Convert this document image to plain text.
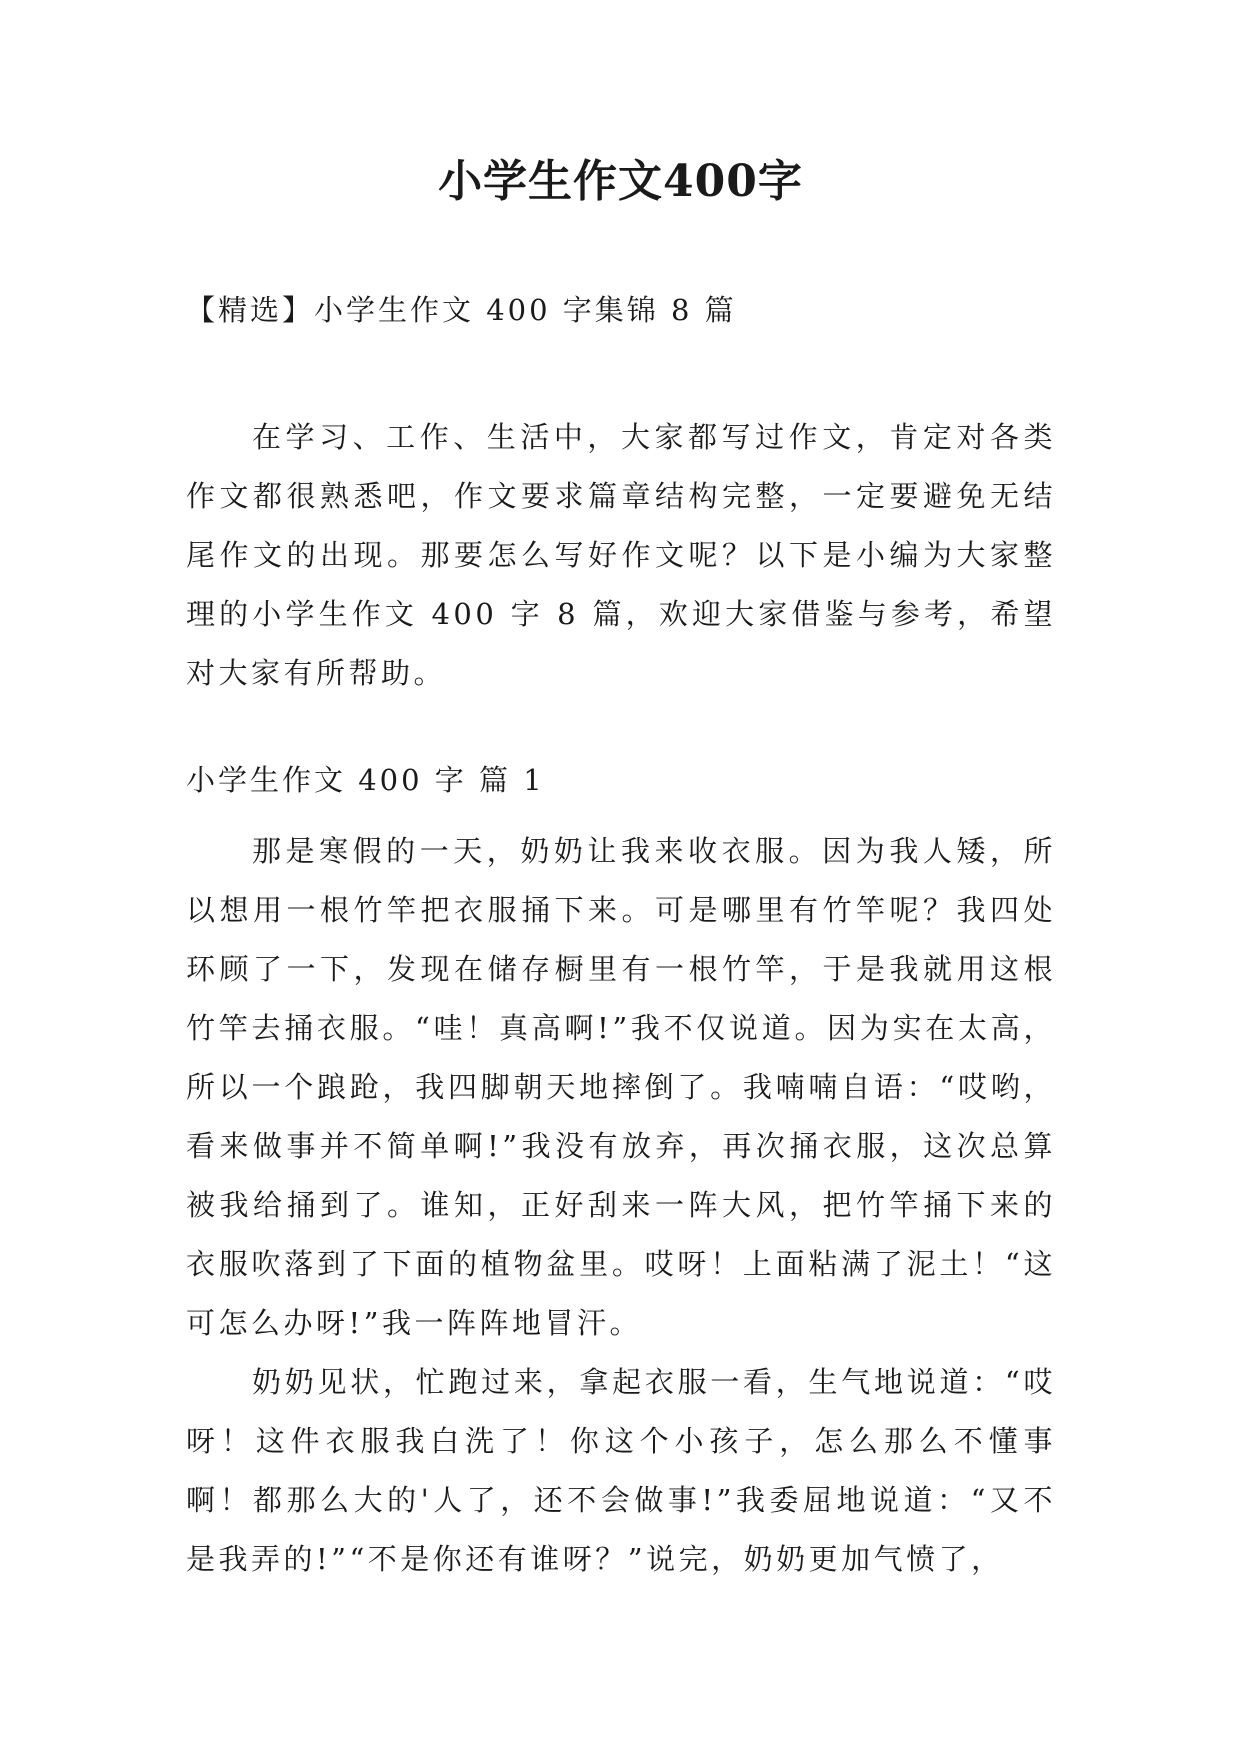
小学生作文400字

【精选】小学生作文 400 字集锦 8 篇

在学习、工作、生活中，大家都写过作文，肯定对各类作文都很熟悉吧，作文要求篇章结构完整，一定要避免无结尾作文的出现。那要怎么写好作文呢？以下是小编为大家整理的小学生作文 400 字 8 篇，欢迎大家借鉴与参考，希望对大家有所帮助。

小学生作文 400 字 篇 1

那是寒假的一天，奶奶让我来收衣服。因为我人矮，所以想用一根竹竿把衣服捅下来。可是哪里有竹竿呢？我四处环顾了一下，发现在储存橱里有一根竹竿，于是我就用这根竹竿去捅衣服。“哇！真高啊!”我不仅说道。因为实在太高，所以一个踉跄，我四脚朝天地摔倒了。我喃喃自语：“哎哟，看来做事并不简单啊!”我没有放弃，再次捅衣服，这次总算被我给捅到了。谁知，正好刮来一阵大风，把竹竿捅下来的衣服吹落到了下面的植物盆里。哎呀！上面粘满了泥土！“这可怎么办呀!”我一阵阵地冒汗。

奶奶见状，忙跑过来，拿起衣服一看，生气地说道：“哎呀！这件衣服我白洗了！你这个小孩子，怎么那么不懂事啊！都那么大的'人了，还不会做事!”我委屈地说道：“又不是我弄的!”“不是你还有谁呀？”说完，奶奶更加气愤了，
